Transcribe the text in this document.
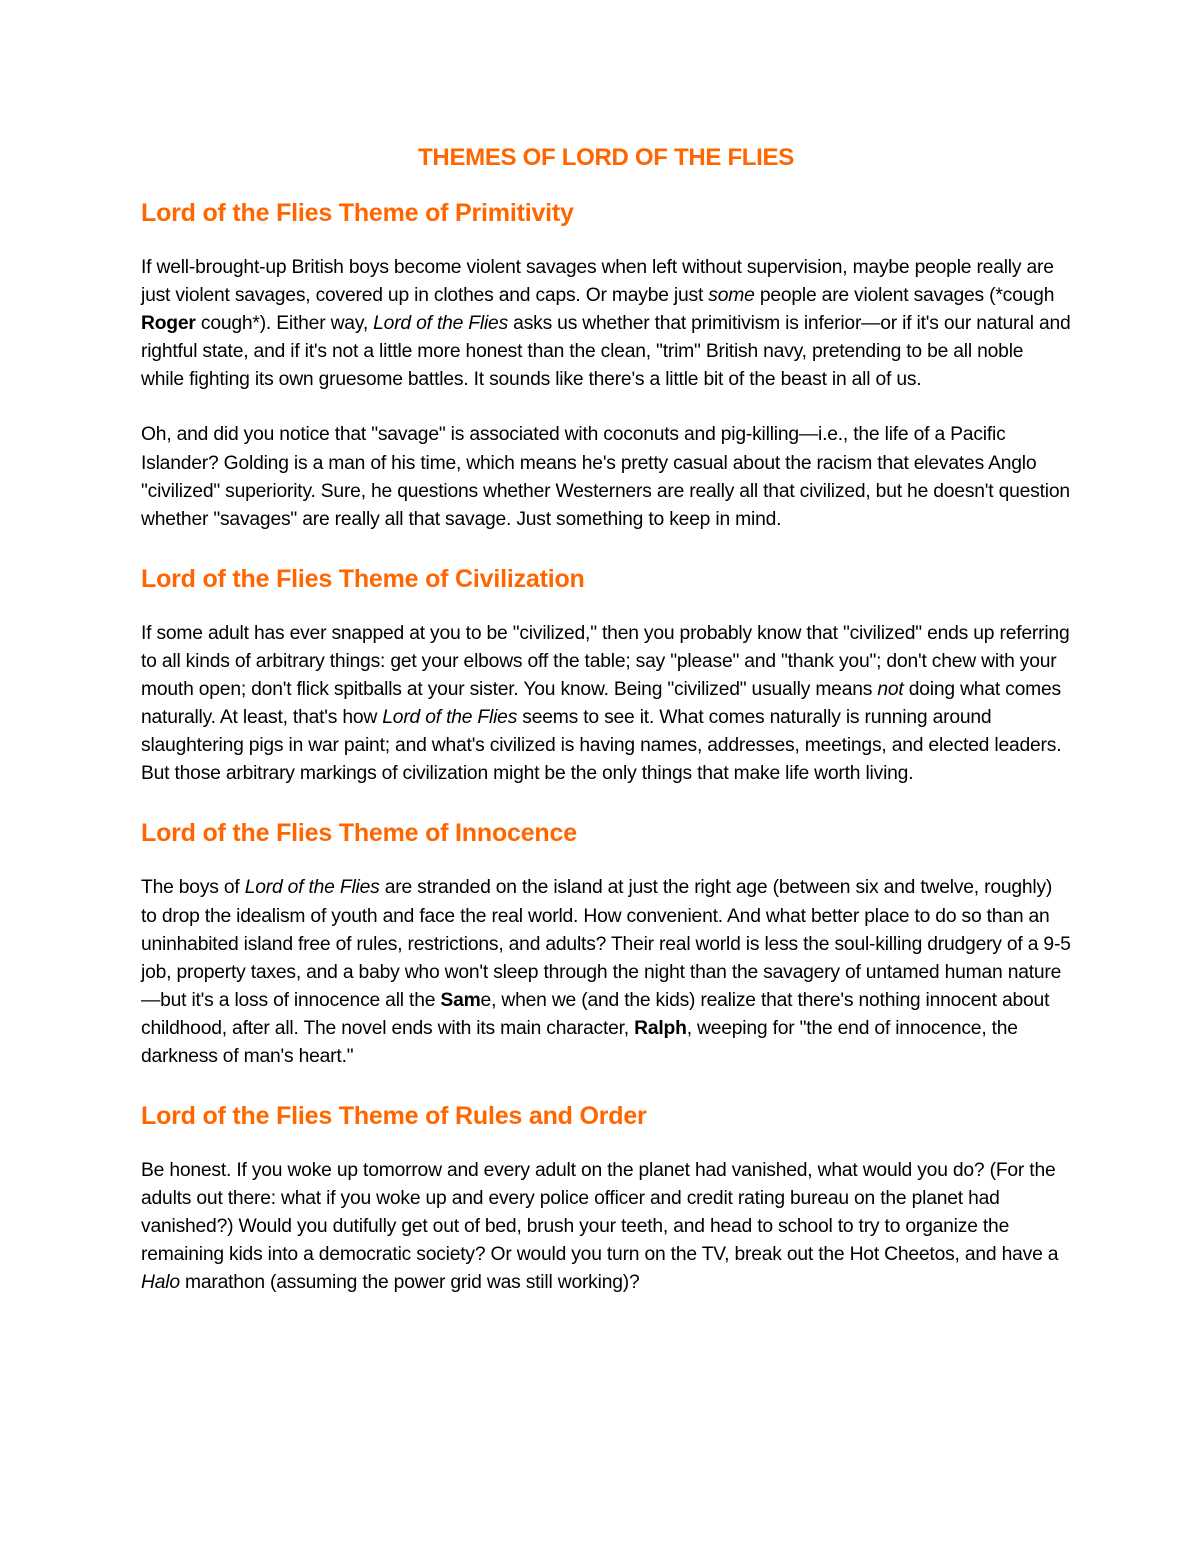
THEMES OF LORD OF THE FLIES
Lord of the Flies Theme of Primitivity

If well-brought-up British boys become violent savages when left without supervision, maybe people really are just violent savages, covered up in clothes and caps. Or maybe just some people are violent savages (*cough Roger cough*). Either way, Lord of the Flies asks us whether that primitivism is inferior—or if it's our natural and rightful state, and if it's not a little more honest than the clean, "trim" British navy, pretending to be all noble while fighting its own gruesome battles. It sounds like there's a little bit of the beast in all of us.

Oh, and did you notice that "savage" is associated with coconuts and pig-killing—i.e., the life of a Pacific Islander? Golding is a man of his time, which means he's pretty casual about the racism that elevates Anglo "civilized" superiority. Sure, he questions whether Westerners are really all that civilized, but he doesn't question whether "savages" are really all that savage. Just something to keep in mind.

Lord of the Flies Theme of Civilization

If some adult has ever snapped at you to be "civilized," then you probably know that "civilized" ends up referring to all kinds of arbitrary things: get your elbows off the table; say "please" and "thank you"; don't chew with your mouth open; don't flick spitballs at your sister. You know. Being "civilized" usually means not doing what comes naturally. At least, that's how Lord of the Flies seems to see it. What comes naturally is running around slaughtering pigs in war paint; and what's civilized is having names, addresses, meetings, and elected leaders. But those arbitrary markings of civilization might be the only things that make life worth living.

Lord of the Flies Theme of Innocence

The boys of Lord of the Flies are stranded on the island at just the right age (between six and twelve, roughly) to drop the idealism of youth and face the real world. How convenient. And what better place to do so than an uninhabited island free of rules, restrictions, and adults? Their real world is less the soul-killing drudgery of a 9-5 job, property taxes, and a baby who won't sleep through the night than the savagery of untamed human nature—but it's a loss of innocence all the Same, when we (and the kids) realize that there's nothing innocent about childhood, after all. The novel ends with its main character, Ralph, weeping for "the end of innocence, the darkness of man's heart."

Lord of the Flies Theme of Rules and Order

Be honest. If you woke up tomorrow and every adult on the planet had vanished, what would you do? (For the adults out there: what if you woke up and every police officer and credit rating bureau on the planet had vanished?) Would you dutifully get out of bed, brush your teeth, and head to school to try to organize the remaining kids into a democratic society? Or would you turn on the TV, break out the Hot Cheetos, and have a Halo marathon (assuming the power grid was still working)?
